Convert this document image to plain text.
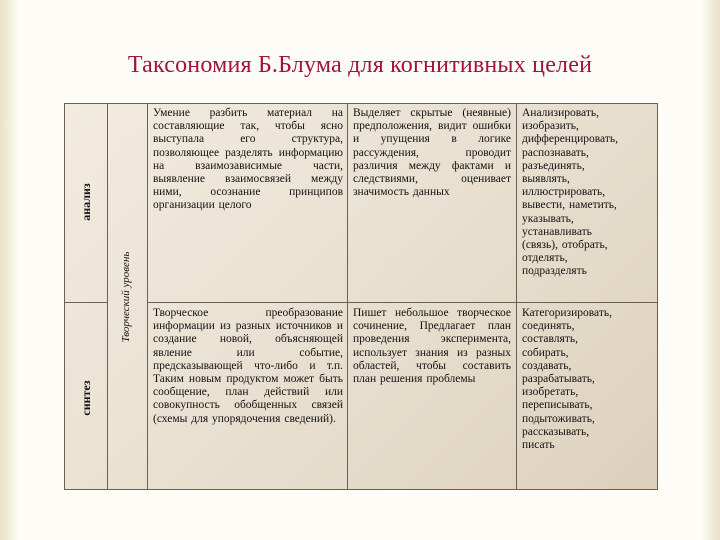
Таксономия Б.Блума для когнитивных целей
анализ
синтез
Творческий уровень
Умение разбить материал на составляющие так, чтобы ясно выступала его структура, позволяющее разделять информацию на взаимозависимые части, выявление взаимосвязей между ними, осознание принципов организации целого
Выделяет скрытые (неявные) предположения, видит ошибки и упущения в логике рассуждения, проводит различия между фактами и следствиями, оценивает значимость данных
Анализировать,
изобразить,
дифференцировать,
распознавать,
разъединять,
выявлять,
иллюстрировать,
вывести, наметить,
указывать,
устанавливать
(связь), отобрать,
отделять,
подразделять
Творческое преобразование информации из разных источников и создание новой, объясняющей явление или событие, предсказывающей что-либо и т.п. Таким новым продуктом может быть сообщение, план действий или совокупность обобщенных связей (схемы для упорядочения сведений).
Пишет небольшое творческое сочинение, Предлагает план проведения эксперимента, использует знания из разных областей, чтобы составить план решения проблемы
Категоризировать,
соединять,
составлять,
собирать,
создавать,
разрабатывать,
изобретать,
переписывать,
подытоживать,
рассказывать,
писать
